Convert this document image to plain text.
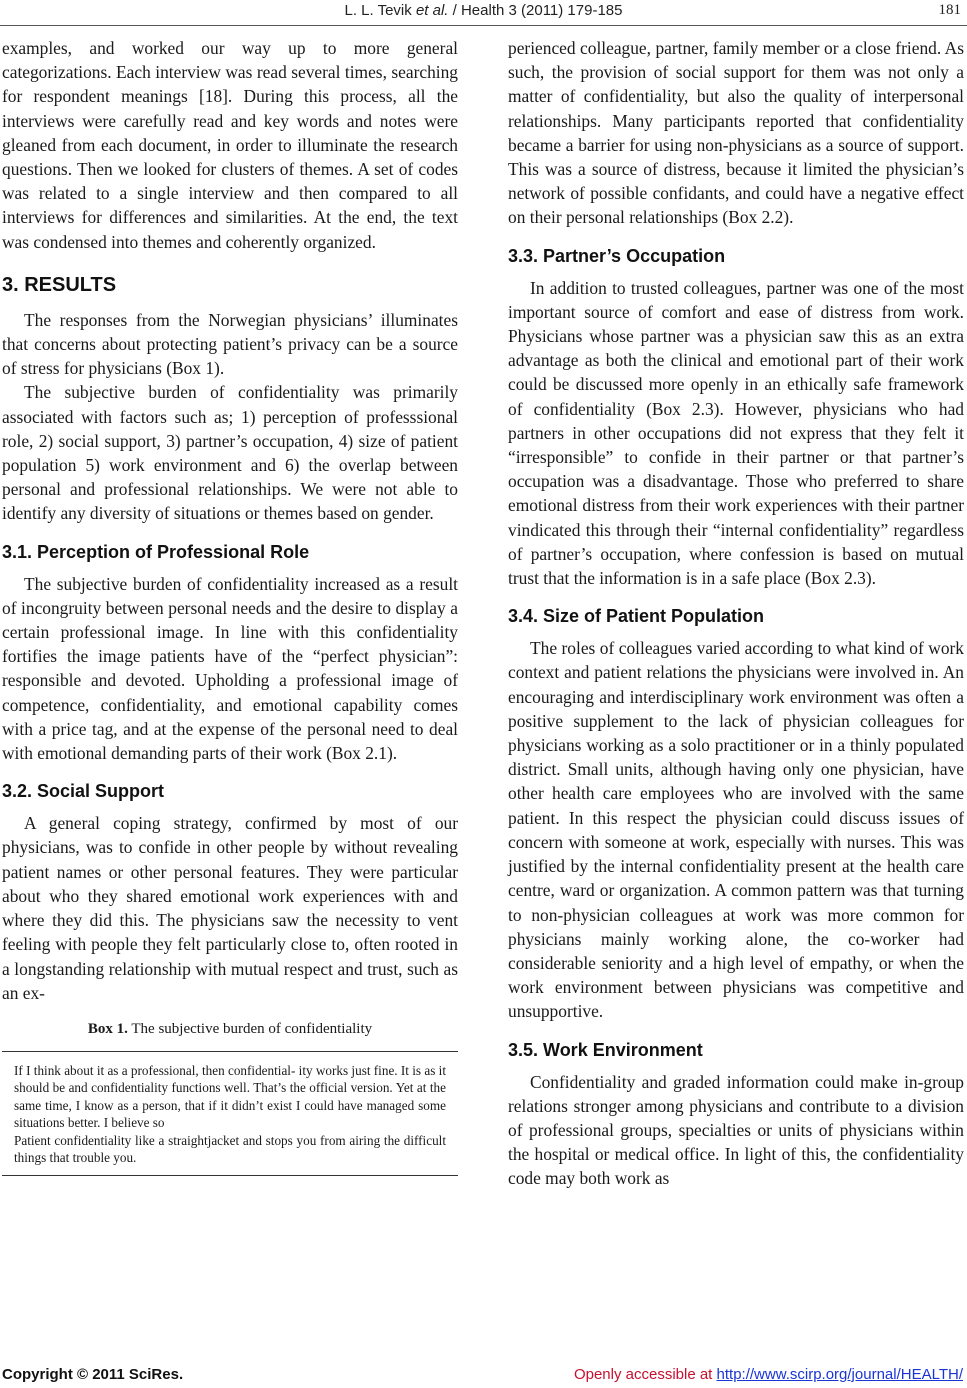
L. L. Tevik et al. / Health 3 (2011) 179-185	181

examples, and worked our way up to more general categorizations. Each interview was read several times, searching for respondent meanings [18]. During this process, all the interviews were carefully read and key words and notes were gleaned from each document, in order to illuminate the research questions. Then we looked for clusters of themes. A set of codes was related to a single interview and then compared to all interviews for differences and similarities. At the end, the text was condensed into themes and coherently organized.

3. RESULTS

The responses from the Norwegian physicians’ illuminates that concerns about protecting patient’s privacy can be a source of stress for physicians (Box 1).

The subjective burden of confidentiality was primarily associated with factors such as; 1) perception of professsional role, 2) social support, 3) partner’s occupation, 4) size of patient population 5) work environment and 6) the overlap between personal and professional relationships. We were not able to identify any diversity of situations or themes based on gender.

3.1. Perception of Professional Role

The subjective burden of confidentiality increased as a result of incongruity between personal needs and the desire to display a certain professional image. In line with this confidentiality fortifies the image patients have of the “perfect physician”: responsible and devoted. Upholding a professional image of competence, confidentiality, and emotional capability comes with a price tag, and at the expense of the personal need to deal with emotional demanding parts of their work (Box 2.1).

3.2. Social Support

A general coping strategy, confirmed by most of our physicians, was to confide in other people by without revealing patient names or other personal features. They were particular about who they shared emotional work experiences with and where they did this. The physicians saw the necessity to vent feeling with people they felt particularly close to, often rooted in a longstanding relationship with mutual respect and trust, such as an ex-

Box 1. The subjective burden of confidentiality
If I think about it as a professional, then confidential- ity works just fine. It is as it should be and confidentiality functions well. That’s the official version. Yet at the same time, I know as a person, that if it didn’t exist I could have managed some situations better. I believe so
Patient confidentiality like a straightjacket and stops you from airing the difficult things that trouble you.

perienced colleague, partner, family member or a close friend. As such, the provision of social support for them was not only a matter of confidentiality, but also the quality of interpersonal relationships. Many participants reported that confidentiality became a barrier for using non-physicians as a source of support. This was a source of distress, because it limited the physician’s network of possible confidants, and could have a negative effect on their personal relationships (Box 2.2).

3.3. Partner’s Occupation

In addition to trusted colleagues, partner was one of the most important source of comfort and ease of distress from work. Physicians whose partner was a physician saw this as an extra advantage as both the clinical and emotional part of their work could be discussed more openly in an ethically safe framework of confidentiality (Box 2.3). However, physicians who had partners in other occupations did not express that they felt it “irresponsible” to confide in their partner or that partner’s occupation was a disadvantage. Those who preferred to share emotional distress from their work experiences with their partner vindicated this through their “internal confidentiality” regardless of partner’s occupation, where confession is based on mutual trust that the information is in a safe place (Box 2.3).

3.4. Size of Patient Population

The roles of colleagues varied according to what kind of work context and patient relations the physicians were involved in. An encouraging and interdisciplinary work environment was often a positive supplement to the lack of physician colleagues for physicians working as a solo practitioner or in a thinly populated district. Small units, although having only one physician, have other health care employees who are involved with the same patient. In this respect the physician could discuss issues of concern with someone at work, especially with nurses. This was justified by the internal confidentiality present at the health care centre, ward or organization. A common pattern was that turning to non-physician colleagues at work was more common for physicians mainly working alone, the co-worker had considerable seniority and a high level of empathy, or when the work environment between physicians was competitive and unsupportive.

3.5. Work Environment

Confidentiality and graded information could make in-group relations stronger among physicians and contribute to a division of professional groups, specialties or units of physicians within the hospital or medical office. In light of this, the confidentiality code may both work as

Copyright © 2011 SciRes.	Openly accessible at http://www.scirp.org/journal/HEALTH/
